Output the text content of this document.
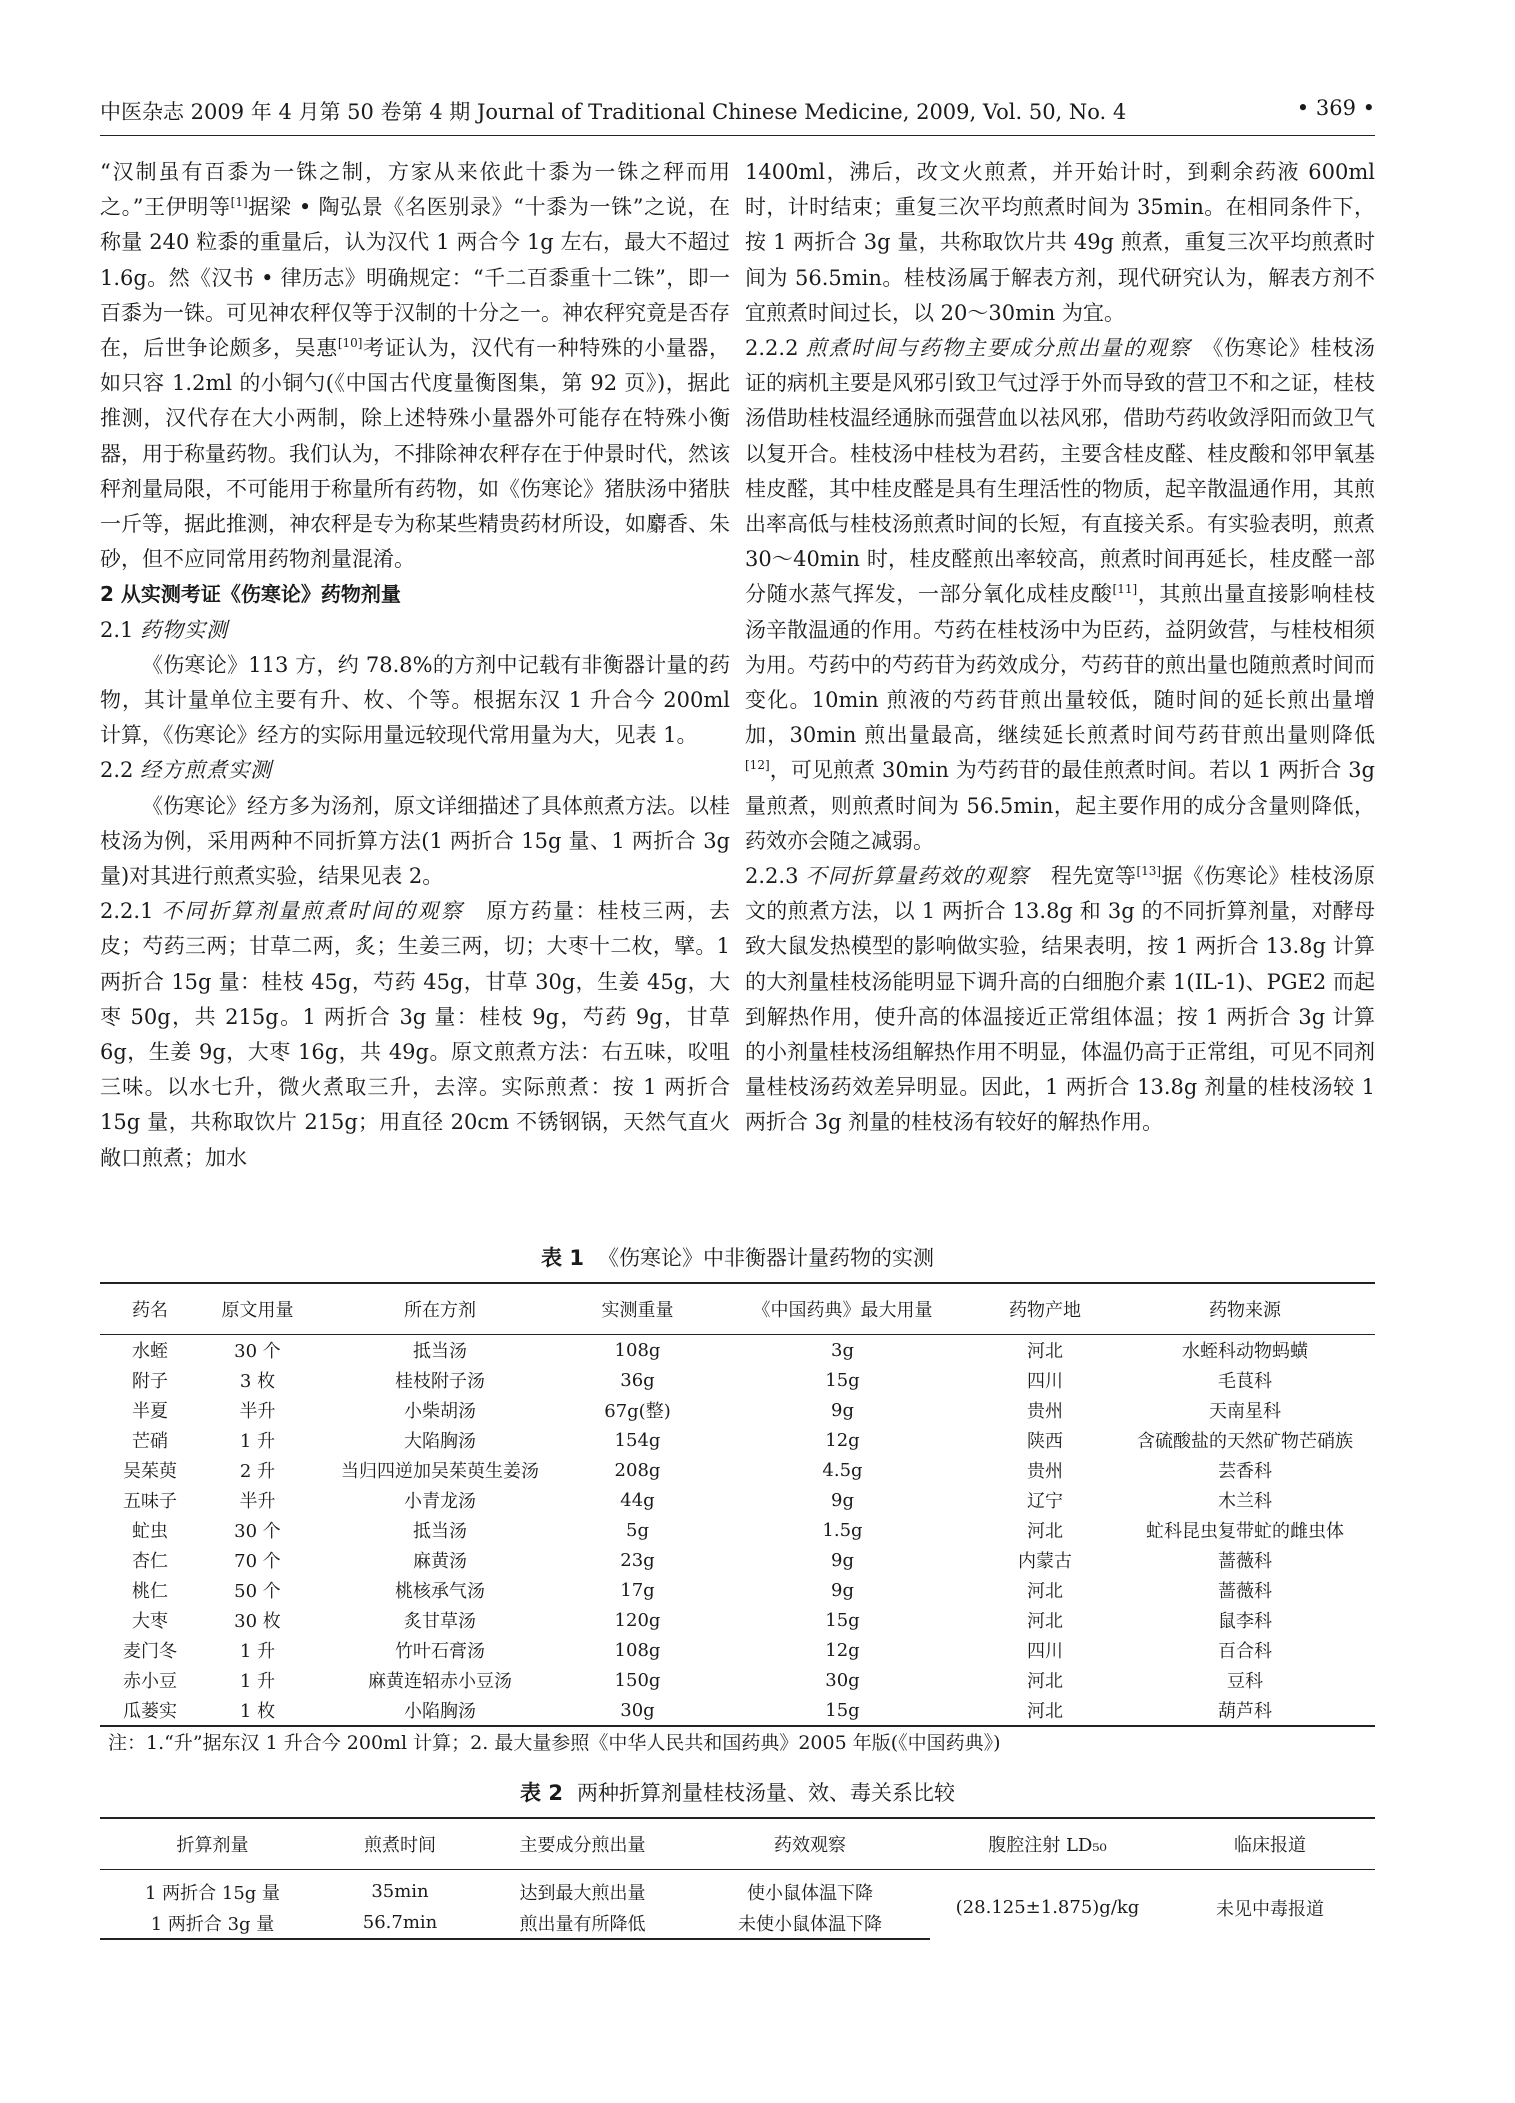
中医杂志 2009 年 4 月第 50 卷第 4 期 Journal of Traditional Chinese Medicine, 2009, Vol. 50, No. 4	• 369 •

“汉制虽有百黍为一铢之制，方家从来依此十黍为一铢之秤而用之。”王伊明等[1]据梁 • 陶弘景《名医别录》“十黍为一铢”之说，在称量 240 粒黍的重量后，认为汉代 1 两合今 1g 左右，最大不超过 1.6g。然《汉书 • 律历志》明确规定：“千二百黍重十二铢”，即一百黍为一铢。可见神农秤仅等于汉制的十分之一。神农秤究竟是否存在，后世争论颇多，吴惠[10]考证认为，汉代有一种特殊的小量器，如只容 1.2ml 的小铜勺(《中国古代度量衡图集，第 92 页》)，据此推测，汉代存在大小两制，除上述特殊小量器外可能存在特殊小衡器，用于称量药物。我们认为，不排除神农秤存在于仲景时代，然该秤剂量局限，不可能用于称量所有药物，如《伤寒论》猪肤汤中猪肤一斤等，据此推测，神农秤是专为称某些精贵药材所设，如麝香、朱砂，但不应同常用药物剂量混淆。

2 从实测考证《伤寒论》药物剂量

2.1 药物实测

《伤寒论》113 方，约 78.8%的方剂中记载有非衡器计量的药物，其计量单位主要有升、枚、个等。根据东汉 1 升合今 200ml 计算，《伤寒论》经方的实际用量远较现代常用量为大，见表 1。

2.2 经方煎煮实测

《伤寒论》经方多为汤剂，原文详细描述了具体煎煮方法。以桂枝汤为例，采用两种不同折算方法(1 两折合 15g 量、1 两折合 3g 量)对其进行煎煮实验，结果见表 2。

2.2.1 不同折算剂量煎煮时间的观察　 原方药量：桂枝三两，去皮；芍药三两；甘草二两，炙；生姜三两，切；大枣十二枚，擘。1 两折合 15g 量：桂枝 45g，芍药 45g，甘草 30g，生姜 45g，大枣 50g，共 215g。1 两折合 3g 量：桂枝 9g，芍药 9g，甘草 6g，生姜 9g，大枣 16g，共 49g。原文煎煮方法：右五味，㕮咀三味。以水七升，微火煮取三升，去滓。实际煎煮：按 1 两折合 15g 量，共称取饮片 215g；用直径 20cm 不锈钢锅，天然气直火敞口煎煮；加水

1400ml，沸后，改文火煎煮，并开始计时，到剩余药液 600ml 时，计时结束；重复三次平均煎煮时间为 35min。在相同条件下，按 1 两折合 3g 量，共称取饮片共 49g 煎煮，重复三次平均煎煮时间为 56.5min。桂枝汤属于解表方剂，现代研究认为，解表方剂不宜煎煮时间过长，以 20～30min 为宜。

2.2.2 煎煮时间与药物主要成分煎出量的观察　 《伤寒论》桂枝汤证的病机主要是风邪引致卫气过浮于外而导致的营卫不和之证，桂枝汤借助桂枝温经通脉而强营血以祛风邪，借助芍药收敛浮阳而敛卫气以复开合。桂枝汤中桂枝为君药，主要含桂皮醛、桂皮酸和邻甲氧基桂皮醛，其中桂皮醛是具有生理活性的物质，起辛散温通作用，其煎出率高低与桂枝汤煎煮时间的长短，有直接关系。有实验表明，煎煮 30～40min 时，桂皮醛煎出率较高，煎煮时间再延长，桂皮醛一部分随水蒸气挥发，一部分氧化成桂皮酸[11]，其煎出量直接影响桂枝汤辛散温通的作用。芍药在桂枝汤中为臣药，益阴敛营，与桂枝相须为用。芍药中的芍药苷为药效成分，芍药苷的煎出量也随煎煮时间而变化。10min 煎液的芍药苷煎出量较低，随时间的延长煎出量增加，30min 煎出量最高，继续延长煎煮时间芍药苷煎出量则降低[12]，可见煎煮 30min 为芍药苷的最佳煎煮时间。若以 1 两折合 3g 量煎煮，则煎煮时间为 56.5min，起主要作用的成分含量则降低，药效亦会随之减弱。

2.2.3 不同折算量药效的观察　 程先宽等[13]据《伤寒论》桂枝汤原文的煎煮方法，以 1 两折合 13.8g 和 3g 的不同折算剂量，对酵母致大鼠发热模型的影响做实验，结果表明，按 1 两折合 13.8g 计算的大剂量桂枝汤能明显下调升高的白细胞介素 1(IL-1)、PGE2 而起到解热作用，使升高的体温接近正常组体温；按 1 两折合 3g 计算的小剂量桂枝汤组解热作用不明显，体温仍高于正常组，可见不同剂量桂枝汤药效差异明显。因此，1 两折合 13.8g 剂量的桂枝汤较 1 两折合 3g 剂量的桂枝汤有较好的解热作用。

表 1 《伤寒论》中非衡器计量药物的实测
药名	原文用量	所在方剂	实测重量	《中国药典》最大用量	药物产地	药物来源
水蛭	30 个	抵当汤	108g	3g	河北	水蛭科动物蚂蟥
附子	3 枚	桂枝附子汤	36g	15g	四川	毛茛科
半夏	半升	小柴胡汤	67g(整)	9g	贵州	天南星科
芒硝	1 升	大陷胸汤	154g	12g	陕西	含硫酸盐的天然矿物芒硝族
吴茱萸	2 升	当归四逆加吴茱萸生姜汤	208g	4.5g	贵州	芸香科
五味子	半升	小青龙汤	44g	9g	辽宁	木兰科
虻虫	30 个	抵当汤	5g	1.5g	河北	虻科昆虫复带虻的雌虫体
杏仁	70 个	麻黄汤	23g	9g	内蒙古	蔷薇科
桃仁	50 个	桃核承气汤	17g	9g	河北	蔷薇科
大枣	30 枚	炙甘草汤	120g	15g	河北	鼠李科
麦门冬	1 升	竹叶石膏汤	108g	12g	四川	百合科
赤小豆	1 升	麻黄连轺赤小豆汤	150g	30g	河北	豆科
瓜蒌实	1 枚	小陷胸汤	30g	15g	河北	葫芦科
注：1.“升”据东汉 1 升合今 200ml 计算；2. 最大量参照《中华人民共和国药典》2005 年版(《中国药典》)
表 2 两种折算剂量桂枝汤量、效、毒关系比较
折算剂量	煎煮时间	主要成分煎出量	药效观察	腹腔注射 LD₅₀	临床报道
1 两折合 15g 量	35min	达到最大煎出量	使小鼠体温下降	(28.125±1.875)g/kg	未见中毒报道
1 两折合 3g 量	56.7min	煎出量有所降低	未使小鼠体温下降		
